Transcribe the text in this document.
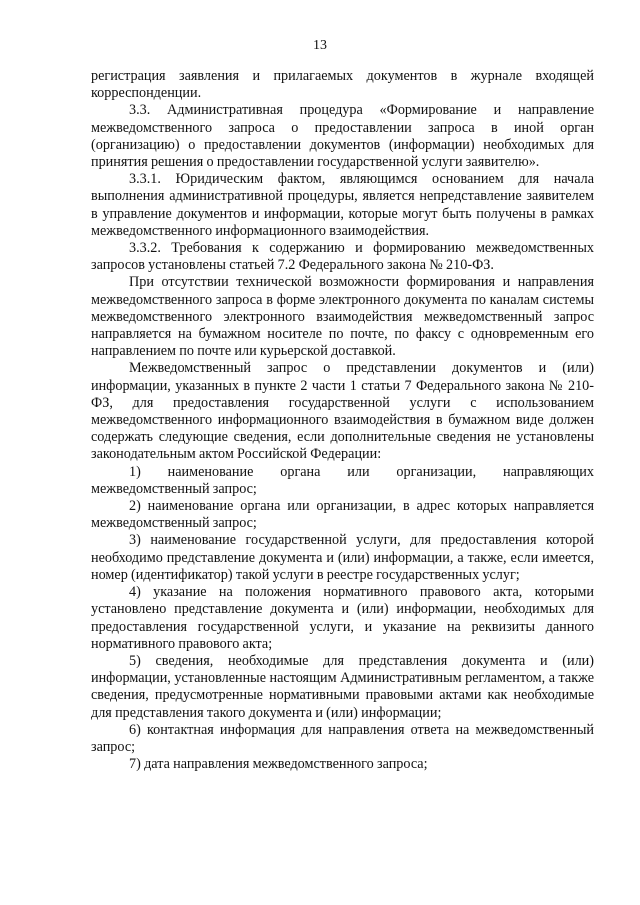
13

регистрация заявления и прилагаемых документов в журнале входящей корреспонденции.

3.3. Административная процедура «Формирование и направление межведомственного запроса о предоставлении запроса в иной орган (организацию) о предоставлении документов (информации) необходимых для принятия решения о предоставлении государственной услуги заявителю».

3.3.1. Юридическим фактом, являющимся основанием для начала выполнения административной процедуры, является непредставление заявителем в управление документов и информации, которые могут быть получены в рамках межведомственного информационного взаимодействия.

3.3.2. Требования к содержанию и формированию межведомственных запросов установлены статьей 7.2 Федерального закона № 210-ФЗ.

При отсутствии технической возможности формирования и направления межведомственного запроса в форме электронного документа по каналам системы межведомственного электронного взаимодействия межведомственный запрос направляется на бумажном носителе по почте, по факсу с одновременным его направлением по почте или курьерской доставкой.

Межведомственный запрос о представлении документов и (или) информации, указанных в пункте 2 части 1 статьи 7 Федерального закона № 210-ФЗ, для предоставления государственной услуги с использованием межведомственного информационного взаимодействия в бумажном виде должен содержать следующие сведения, если дополнительные сведения не установлены законодательным актом Российской Федерации:

1) наименование органа или организации, направляющих межведомственный запрос;

2) наименование органа или организации, в адрес которых направляется межведомственный запрос;

3) наименование государственной услуги, для предоставления которой необходимо представление документа и (или) информации, а также, если имеется, номер (идентификатор) такой услуги в реестре государственных услуг;

4) указание на положения нормативного правового акта, которыми установлено представление документа и (или) информации, необходимых для предоставления государственной услуги, и указание на реквизиты данного нормативного правового акта;

5) сведения, необходимые для представления документа и (или) информации, установленные настоящим Административным регламентом, а также сведения, предусмотренные нормативными правовыми актами как необходимые для представления такого документа и (или) информации;

6) контактная информация для направления ответа на межведомственный запрос;

7) дата направления межведомственного запроса;
